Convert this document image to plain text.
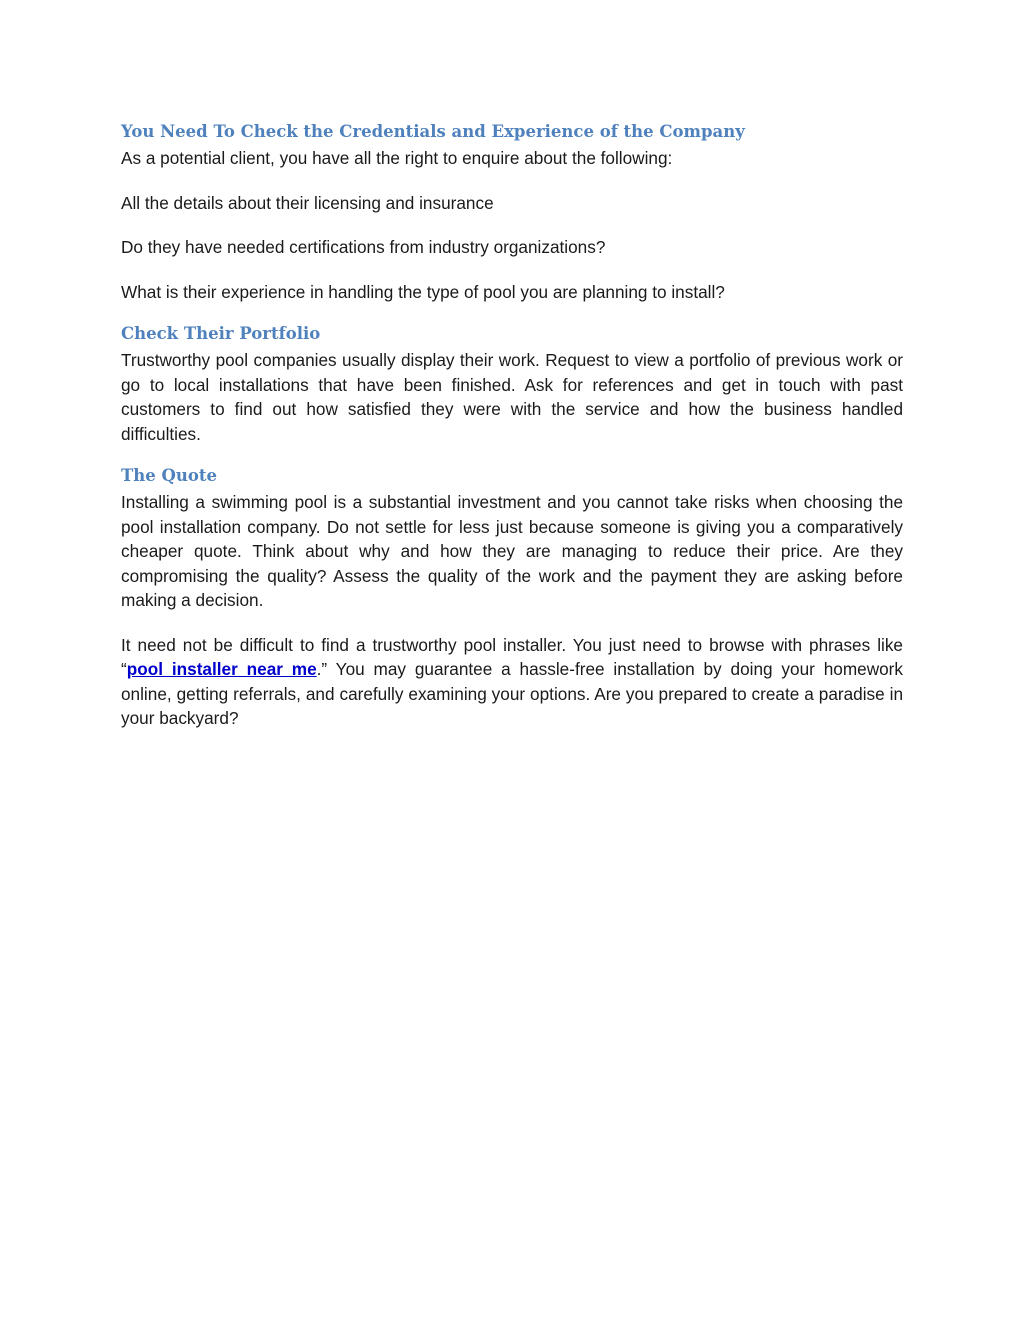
You Need To Check the Credentials and Experience of the Company

As a potential client, you have all the right to enquire about the following:

All the details about their licensing and insurance

Do they have needed certifications from industry organizations?

What is their experience in handling the type of pool you are planning to install?

Check Their Portfolio

Trustworthy pool companies usually display their work. Request to view a portfolio of previous work or go to local installations that have been finished. Ask for references and get in touch with past customers to find out how satisfied they were with the service and how the business handled difficulties.

The Quote

Installing a swimming pool is a substantial investment and you cannot take risks when choosing the pool installation company. Do not settle for less just because someone is giving you a comparatively cheaper quote. Think about why and how they are managing to reduce their price. Are they compromising the quality? Assess the quality of the work and the payment they are asking before making a decision.

It need not be difficult to find a trustworthy pool installer. You just need to browse with phrases like “pool installer near me.” You may guarantee a hassle-free installation by doing your homework online, getting referrals, and carefully examining your options. Are you prepared to create a paradise in your backyard?
